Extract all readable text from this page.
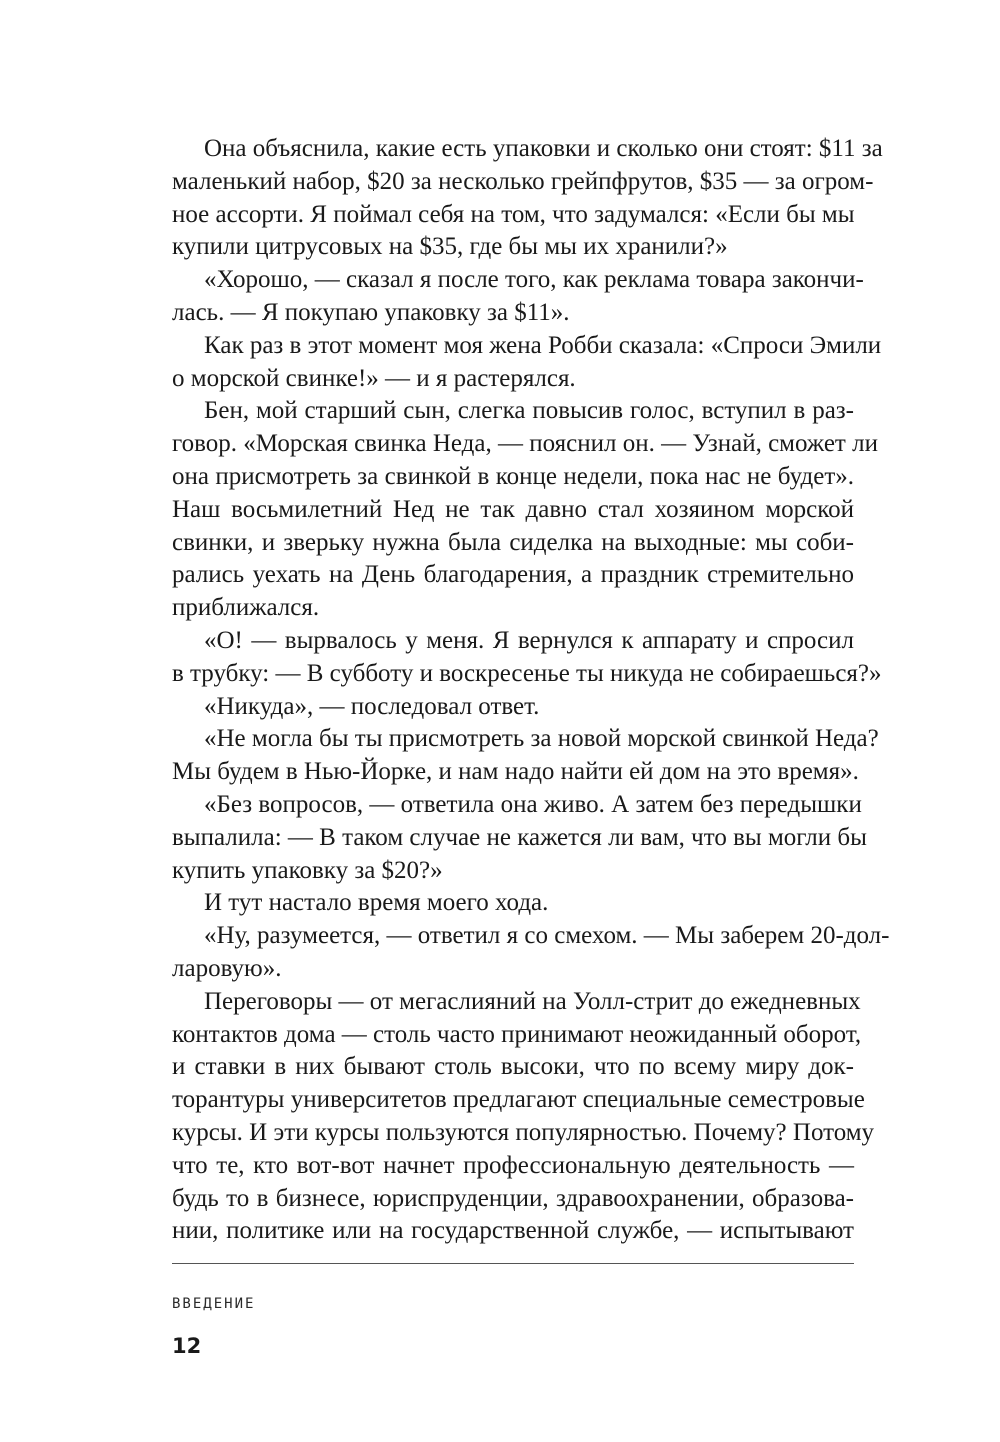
Она объяснила, какие есть упаковки и сколько они стоят: $11 за
маленький набор, $20 за несколько грейпфрутов, $35 — за огром-
ное ассорти. Я поймал себя на том, что задумался: «Если бы мы
купили цитрусовых на $35, где бы мы их хранили?»
«Хорошо, — сказал я после того, как реклама товара закончи-
лась. — Я покупаю упаковку за $11».
Как раз в этот момент моя жена Робби сказала: «Спроси Эмили
о морской свинке!» — и я растерялся.
Бен, мой старший сын, слегка повысив голос, вступил в раз-
говор. «Морская свинка Неда, — пояснил он. — Узнай, сможет ли
она присмотреть за свинкой в конце недели, пока нас не будет».
Наш восьмилетний Нед не так давно стал хозяином морской
свинки, и зверьку нужна была сиделка на выходные: мы соби-
рались уехать на День благодарения, а праздник стремительно
приближался.
«О! — вырвалось у меня. Я вернулся к аппарату и спросил
в трубку: — В субботу и воскресенье ты никуда не собираешься?»
«Никуда», — последовал ответ.
«Не могла бы ты присмотреть за новой морской свинкой Неда?
Мы будем в Нью-Йорке, и нам надо найти ей дом на это время».
«Без вопросов, — ответила она живо. А затем без передышки
выпалила: — В таком случае не кажется ли вам, что вы могли бы
купить упаковку за $20?»
И тут настало время моего хода.
«Ну, разумеется, — ответил я со смехом. — Мы заберем 20-дол-
ларовую».
Переговоры — от мегаслияний на Уолл-стрит до ежедневных
контактов дома — столь часто принимают неожиданный оборот,
и ставки в них бывают столь высоки, что по всему миру док-
торантуры университетов предлагают специальные семестровые
курсы. И эти курсы пользуются популярностью. Почему? Потому
что те, кто вот-вот начнет профессиональную деятельность —
будь то в бизнесе, юриспруденции, здравоохранении, образова-
нии, политике или на государственной службе, — испытывают
ВВЕДЕНИЕ
12
